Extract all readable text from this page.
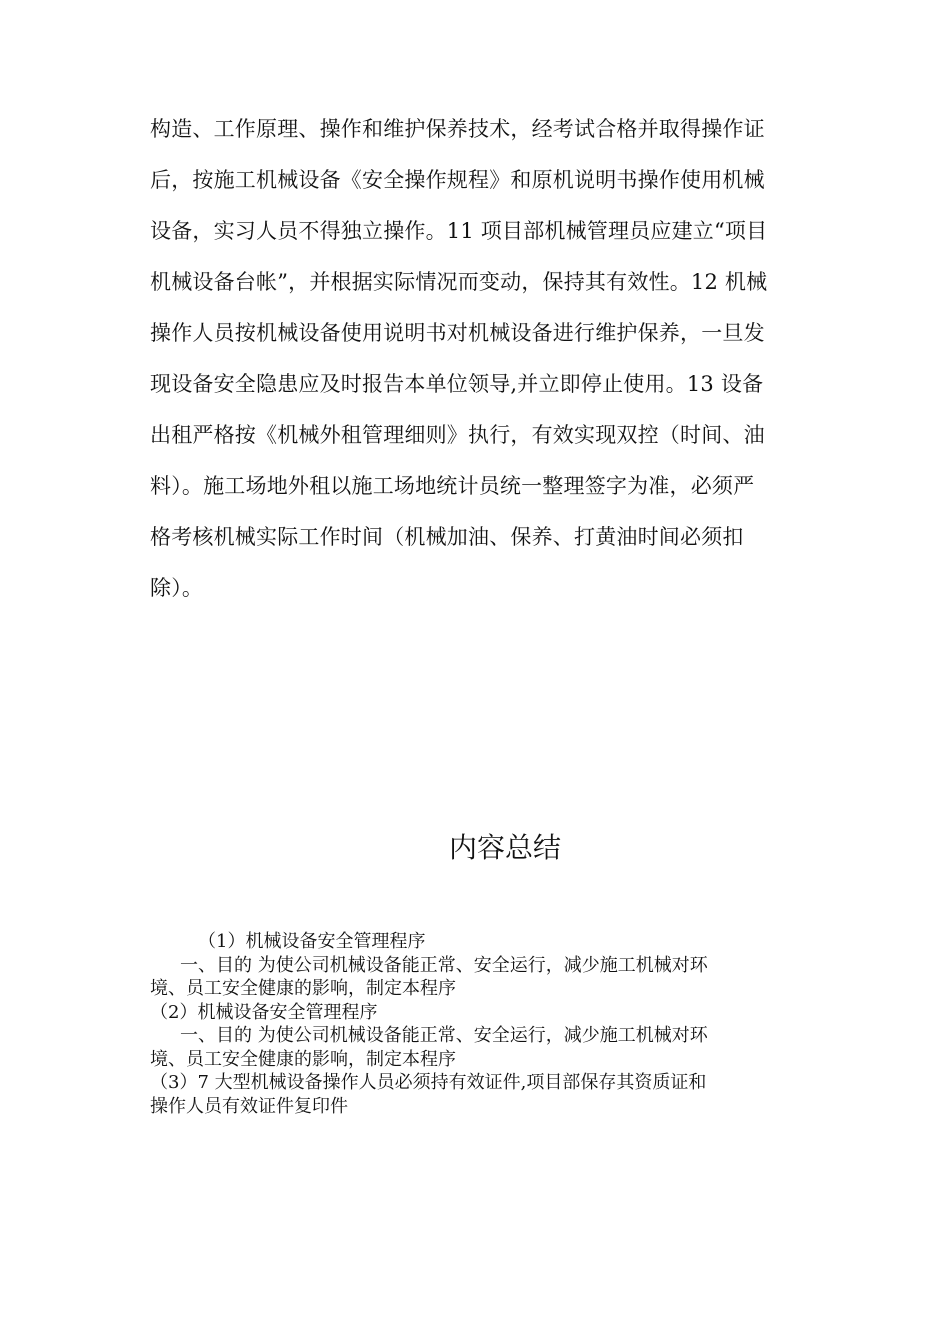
构造、工作原理、操作和维护保养技术，经考试合格并取得操作证
后，按施工机械设备《安全操作规程》和原机说明书操作使用机械
设备，实习人员不得独立操作。11 项目部机械管理员应建立“项目
机械设备台帐”，并根据实际情况而变动，保持其有效性。12 机械
操作人员按机械设备使用说明书对机械设备进行维护保养，一旦发
现设备安全隐患应及时报告本单位领导,并立即停止使用。13 设备
出租严格按《机械外租管理细则》执行，有效实现双控（时间、油
料）。施工场地外租以施工场地统计员统一整理签字为准，必须严
格考核机械实际工作时间（机械加油、保养、打黄油时间必须扣
除）。
内容总结
（1）机械设备安全管理程序
一、目的 为使公司机械设备能正常、安全运行，减少施工机械对环
境、员工安全健康的影响，制定本程序
（2）机械设备安全管理程序
一、目的 为使公司机械设备能正常、安全运行，减少施工机械对环
境、员工安全健康的影响，制定本程序
（3）7 大型机械设备操作人员必须持有效证件,项目部保存其资质证和
操作人员有效证件复印件
